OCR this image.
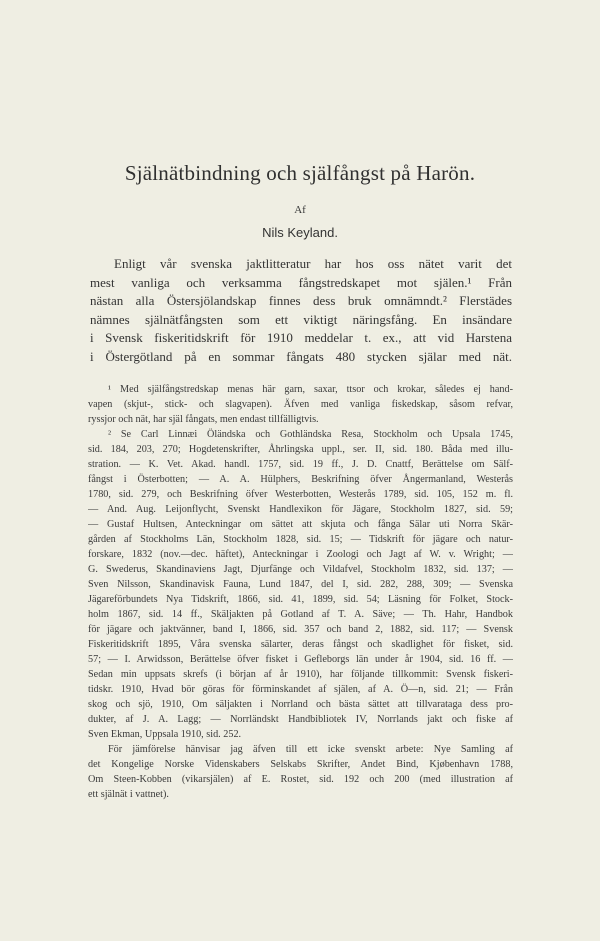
Själnätbindning och själfångst på Harön.
Af
Nils Keyland.
Enligt vår svenska jaktlitteratur har hos oss nätet varit det
mest vanliga och verksamma fångstredskapet mot själen.¹ Från
nästan alla Östersjölandskap finnes dess bruk omnämndt.² Flerstädes
nämnes själnätfångsten som ett viktigt näringsfång. En insändare
i Svensk fiskeritidskrift för 1910 meddelar t. ex., att vid Harstena
i Östergötland på en sommar fångats 480 stycken själar med nät.
¹ Med själfångstredskap menas här garn, saxar, ttsor och krokar, således ej hand-
vapen (skjut-, stick- och slagvapen). Äfven med vanliga fiskedskap, såsom refvar,
ryssjor och nät, har själ fångats, men endast tillfälligtvis.
² Se Carl Linnæi Öländska och Gothländska Resa, Stockholm och Upsala 1745,
sid. 184, 203, 270; Hogdetenskrifter, Åhrlingska uppl., ser. II, sid. 180. Båda med illu-
stration. — K. Vet. Akad. handl. 1757, sid. 19 ff., J. D. Cnattf, Berättelse om Sälf-
fångst i Österbotten; — A. A. Hülphers, Beskrifning öfver Ångermanland, Westerås
1780, sid. 279, och Beskrifning öfver Westerbotten, Westerås 1789, sid. 105, 152 m. fl.
— And. Aug. Leijonflycht, Svenskt Handlexikon för Jägare, Stockholm 1827, sid. 59;
— Gustaf Hultsen, Anteckningar om sättet att skjuta och fånga Sälar uti Norra Skär-
gården af Stockholms Län, Stockholm 1828, sid. 15; — Tidskrift för jägare och natur-
forskare, 1832 (nov.—dec. häftet), Anteckningar i Zoologi och Jagt af W. v. Wright; —
G. Swederus, Skandinaviens Jagt, Djurfänge och Vildafvel, Stockholm 1832, sid. 137; —
Sven Nilsson, Skandinavisk Fauna, Lund 1847, del I, sid. 282, 288, 309; — Svenska
Jägareförbundets Nya Tidskrift, 1866, sid. 41, 1899, sid. 54; Läsning för Folket, Stock-
holm 1867, sid. 14 ff., Skäljakten på Gotland af T. A. Säve; — Th. Hahr, Handbok
för jägare och jaktvänner, band I, 1866, sid. 357 och band 2, 1882, sid. 117; — Svensk
Fiskeritidskrift 1895, Våra svenska sälarter, deras fångst och skadlighet för fisket, sid.
57; — I. Arwidsson, Berättelse öfver fisket i Gefleborgs län under år 1904, sid. 16 ff. —
Sedan min uppsats skrefs (i början af år 1910), har följande tillkommit: Svensk fiskeri-
tidskr. 1910, Hvad bör göras för förminskandet af själen, af A. Ö—n, sid. 21; — Från
skog och sjö, 1910, Om säljakten i Norrland och bästa sättet att tillvaratagа dess pro-
dukter, af J. A. Lagg; — Norrländskt Handbibliotek IV, Norrlands jakt och fiske af
Sven Ekman, Uppsala 1910, sid. 252.
För jämförelse hänvisar jag äfven till ett icke svenskt arbete: Nye Samling af
det Kongelige Norske Videnskabers Selskabs Skrifter, Andet Bind, Kjøbenhavn 1788,
Om Steen-Kobben (vikarsjälen) af E. Rostet, sid. 192 och 200 (med illustration af
ett själnät i vattnet).
